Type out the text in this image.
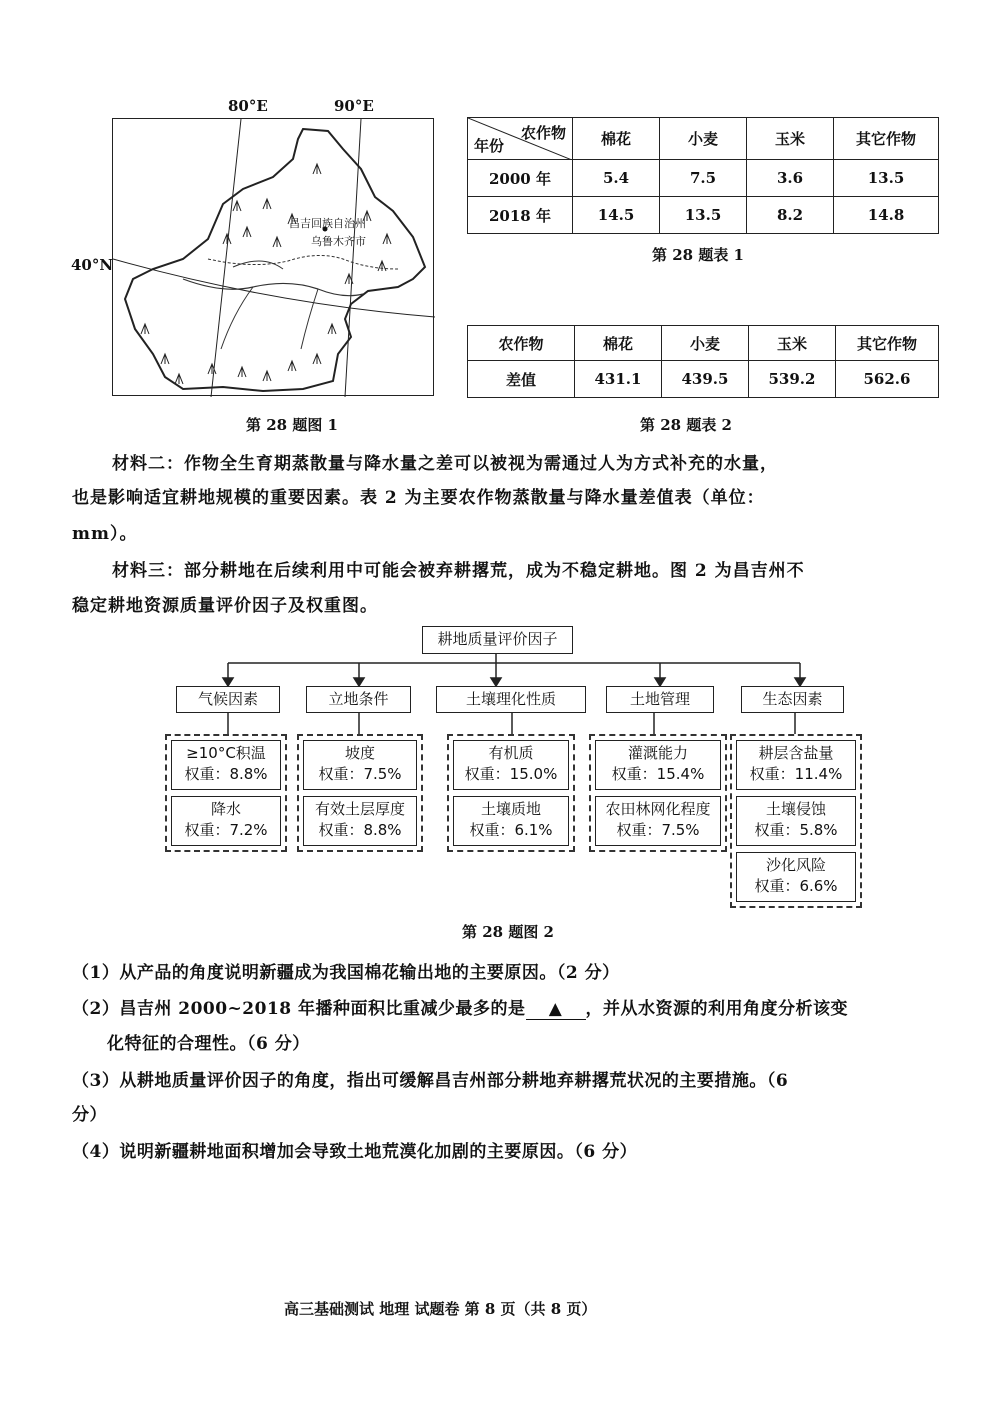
80°E	90°E
40°N
昌吉回族自治州
乌鲁木齐市
第 28 题图 1
农作物
年份	棉花	小麦	玉米	其它作物
2000 年	5.4	7.5	3.6	13.5
2018 年	14.5	13.5	8.2	14.8
第 28 题表 1
农作物	棉花	小麦	玉米	其它作物
差值	431.1	439.5	539.2	562.6
第 28 题表 2
材料二：作物全生育期蒸散量与降水量之差可以被视为需通过人为方式补充的水量，
也是影响适宜耕地规模的重要因素。表 2 为主要农作物蒸散量与降水量差值表（单位：
mm）。
材料三：部分耕地在后续利用中可能会被弃耕撂荒，成为不稳定耕地。图 2 为昌吉州不
稳定耕地资源质量评价因子及权重图。
耕地质量评价因子
气候因素	立地条件	土壤理化性质	土地管理	生态因素
≥10°C积温
权重：8.8%
降水
权重：7.2%
坡度
权重：7.5%
有效土层厚度
权重：8.8%
有机质
权重：15.0%
土壤质地
权重：6.1%
灌溉能力
权重：15.4%
农田林网化程度
权重：7.5%
耕层含盐量
权重：11.4%
土壤侵蚀
权重：5.8%
沙化风险
权重：6.6%
第 28 题图 2
（1）从产品的角度说明新疆成为我国棉花输出地的主要原因。（2 分）
（2）昌吉州 2000~2018 年播种面积比重减少最多的是 ▲ ，并从水资源的利用角度分析该变
化特征的合理性。（6 分）
（3）从耕地质量评价因子的角度，指出可缓解昌吉州部分耕地弃耕撂荒状况的主要措施。（6
分）
（4）说明新疆耕地面积增加会导致土地荒漠化加剧的主要原因。（6 分）
高三基础测试 地理 试题卷 第 8 页（共 8 页）
